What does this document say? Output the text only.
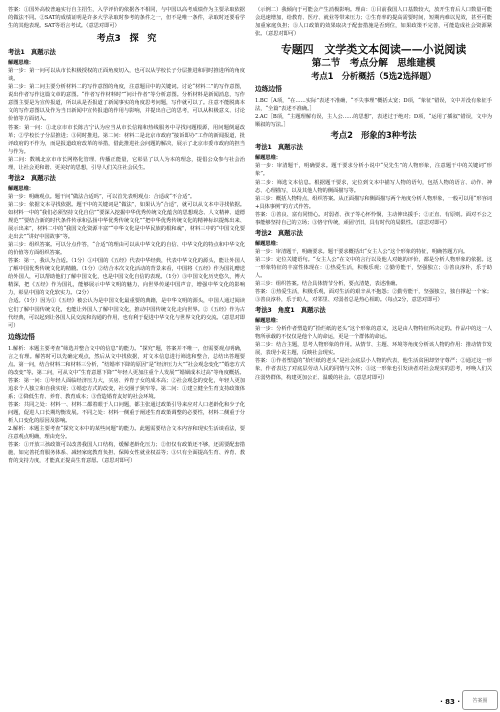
答案：①国外高校普遍实行自主招生，入学评价的依据各不相同，与中国以高考成绩作为主要录取依据的做法不同。②SAT的成绩证明是许多大学录取时参考的条件之一，但不是唯一条件，录取时还要看学生的其他表现。SAT等语言考试。（意思对即可）

考点3　探　究
考法1　真题示法

解题思维：

第一步：第一问可以从市长积极授权的正面角度切入，也可以从学校长子分层推进和同时推进所的角度谈。

第二步：第二问主要分析材料二的写作意图的角度，注意题目中的关键词。讨论“材料二”的写作意图，说出作者写作这篇文章的意图。“作者写作材料时”“问计作者”等分析意图。分析材料是新闻消息，写作意图主要是为宣传报道，所以从是否报道了新闻事实的角度思考问题，写作就可以了。注意不能脱离本文的写作意图以及作为当日新闻中宣传报道的作用与影响，并提出自己的思考，可以从积极意义、讨论价值等方面切入。

答案：第一问：①北京市市长陈吉宁认为应当从市长信箱和热线服务中寻找问题根源，用问题倒逼改革；②学校长子分层推进；③同时推进。第二问：材料二是北京市政府“接诉即办”工作的新闻报道，批评政府的不作为，而是报道政府改革的举措，借此推进社会问题的解决，展示了北京市委市政府的担当与作为。

第二问：数城北京市市长网格化管理、传播正能量，它彰显了以人为本的理念，提倡公众参与社会治理，让社会更和谐、更美好的思想，引导人们关注社会民生。

考法2　真题示法

解题思维：

第一步：明确观点。题干问“做法合适吗”，可以首先表明观点：合适或“不合适”。

第二步：依据文本寻找依据。题干中的关键词是“做法”，如果认为“合适”，就可以从文本中寻找依据。如材料一中的“我们必须坚持文化自信”“要深入挖掘中华优秀传统文化蕴含的思想观念、人文精神、道德规范”“要结合新的时代条件传承和弘扬中华优秀传统文化”“把中华优秀传统文化的精神标识提炼出来、展示出来”，材料二中的“我国文化资源丰富”“中华文化是中华民族的根和魂”，材料三中的“中国文化要走出去”“讲好中国故事”等。

第三步：组织答案。可以分点作答，“合适”的理由可以从中华文化的自信、中华文化的特点和中华文化的价值等方面组织答案。

答案：第一，我认为合适。（1分）①中国的《五经》代表中华经典，代表中华文化的源头，能让外国人了解中国优秀传统文化的精髓。（1分）②结合本次文化活动的背景来看，中国将《五经》作为国礼赠送给外国人，可以帮助他们了解中国文化，也是中国文化自信的表现。（1分）③中国文化历史悠久，博大精深，把《五经》作为国礼，能够展示中华文明的魅力，向世界传递中国声音，增强中华文化的影响力，彰显中国的文化软实力。（2分）

合适。（1分）因为①《五经》被公认为是中国文化最重要的典籍，是中华文明的源头，中国人通过阅读它们了解中国传统文化，也能让外国人了解中国文化，推动中国传统文化走向世界。②《五经》作为古代经典，可以起到让各国人民交流和沟通的作用，也有利于促进中华文化与世界文化的交流。（意思对即可）

边练边悟

1.解析：本题主要考查“筛选并整合文中的信息”的能力。“探究”题，答案并不唯一，但需要观点明确，言之有理。解答时可以先确定观点，然后从文中找依据，对文本信息进行筛选和整合，总结出答题要点。第一问，结合材料二和材料三分析，“结婚率下降的原因”是“经济压力大”“社会观念变化”“婚恋方式的改变”等。第二问，可从文中“生育意愿下降”“年轻人更加注重个人发展”“婚姻成本过高”等角度概括。

答案：第一问：①年轻人面临经济压力大，买房、养育子女的成本高；②社会观念的变化，年轻人更加追求个人独立和自我实现；③婚恋方式的改变，社交圈子狭窄等。第二问：①建立健全生育支持政策体系；②降低生育、养育、教育成本；③营造婚育友好的社会环境。

答案：共同之处：材料一、材料二都着眼于人口问题，都主张通过政策引导来应对人口老龄化和少子化问题，促进人口长期均衡发展。不同之处：材料一侧重于阐述生育政策调整的必要性，材料二侧重于分析人口变化的原因及影响。

2.解析：本题主要考查“探究文本中的某些问题”的能力。此题需要结合文本内容和现实生活谈看法，要注意观点明确，理由充分。

答案：①开放三孩政策可以改善我国人口结构，缓解老龄化压力；②但仅有政策还不够，还需要配套措施，如完善托育服务体系、减轻家庭教育负担、保障女性就业权益等；③只有全面提高生育、养育、教育的支持力度，才能真正提高生育意愿。（意思对即可）

（示例二）我倾向于可能会产生消极影响。理由：①目前我国人口基数较大，放开生育后人口数量可能会迅速增加，给教育、医疗、就业等带来压力；②生育率的提高需要时间，短期内难以见效，甚至可能加重家庭负担；③人口政策的效果取决于配套措施是否到位，如果政策不完善，可能造成社会资源紧张。（意思对即可）

专题四　文学类文本阅读——小说阅读
第二节　考点分解　思维建模
考点1　分析概括（5选2选择题）
边练边悟

1.BC［A项，“在……实际”表述不准确，“不失事理”概括太宽；D项，“象征”错误，文中并没有象征手法，“全篇”表述不准确。］

2.AC［B项，“主题理解有误，主人公……的思想”，表述过于绝对；D项，“运用了插叙”错误，文中为顺叙的写法。］

考点2　形象的3种考法
考法1　真题示法

解题思维：

第一步：审清题干，明确要求。题干要求分析小说中“吴先生”的人物形象，注意题干中的关键词“形象”。

第二步：筛选文本信息。根据题干要求，定位到文本中描写人物的语句，包括人物的语言、动作、神态、心理描写，以及其他人物的侧面描写等。

第三步：概括人物特点，组织答案。从正面描写和侧面描写两个角度分析人物形象，一般可以用“形容词+具体事例”的方式作答。

答案：①善良、富有同情心。对弱者、孩子等心怀怜悯，主动伸出援手；②正直、有原则。面对不公之事能够坚持自己的立场；③恪守传统，顽固守旧，具有时代的局限性。（意思对即可）

考法2　真题示法

解题思维：

第一步：审清题干，明确要求。题干要求概括出“女主人公”这个形象的特征，明确答题方向。

第二步：定位关键语句。“女主人公”在文中的言行以及他人对她的评价，都是分析人物形象的依据。这一形象特征的丰富性体现在：①热爱生活，积极乐观；②勤劳能干，坚强独立；③善良淳朴，乐于助人。

第三步：组织答案。结合具体情节分析，要点清楚，表述准确。

答案：①热爱生活，积极乐观，面对生活的艰辛从不抱怨；②勤劳能干，坚强独立，独自撑起一个家；③善良淳朴，乐于助人，对邻里、对弱者总是热心相助。（每点2分，意思对即可）

考法3　角度1　真题示法

解题思维：

第一步：分析作者塑造的“拾烂纸的老头”这个形象的意义，这是由人物特征所决定的。作品中的这一人物所承载的不仅仅是他个人的命运，更是一个群体的命运。

第二步：结合主题，思考人物形象的作用。从情节、主题、环境等角度分析该人物的作用：推动情节发展，表现小说主题，反映社会现实。

答案：①作者塑造的“拾烂纸的老头”是社会底层小人物的代表，他生活贫困却坚守尊严；②通过这一形象，作者表达了对底层劳动人民的同情与关怀；③这一形象也引发读者对社会现实的思考，呼唤人们关注弱势群体，构建更加公正、温暖的社会。（意思对即可）

· 83 ·	答案圈
